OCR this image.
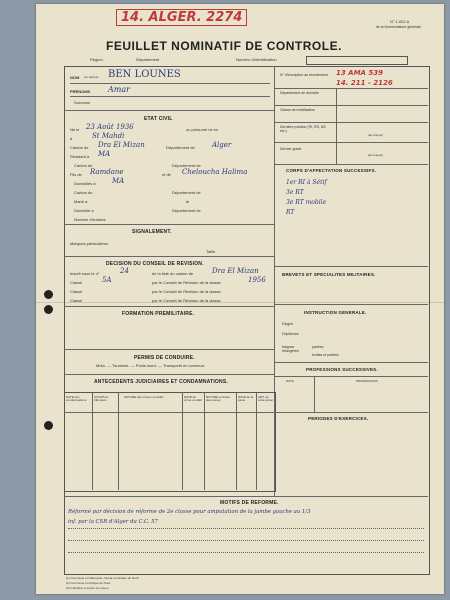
14. ALGER. 2274	N° 1.002 A
de la Nomenclature générale
FEUILLET NOMINATIF DE CONTROLE.
Région	Département	Numéro d'identification
NOM (en lettres) BEN LOUNES
PRÉNOMS Amar
Surnoms
ETAT CIVIL
Né le 23 Août 1936	ou présumé né en
à	St Mahdi
Canton de Dra El Mizan	Département de Alger
Résidant à MA
Canton de	Département de
Fils de Ramdane	et de Cheloucha Halima
Domiciliés à MA
Canton de	Département de
Marié à	le
Domicilié à	Département de
Nombre d'enfants
SIGNALEMENT.
Marques particulières
Taille
DECISION DU CONSEIL DE REVISION.
Inscrit sous le n°	24	de la liste du canton de	Dra El Mizan
Classé	5A	par le Conseil de Révision de la classe	1956
Classé	par le Conseil de Révision de la classe
Classé	par le Conseil de Révision de la classe
FORMATION PREMILITAIRE.
PERMIS DE CONDUIRE.
Moto. — Tourisme. — Poids lourd. — Transports en commun.
ANTECEDENTS JUDICIAIRES ET CONDAMNATIONS.
DATE des condamnations
COURS et tribunaux
NATURE des crimes ou délits	DATE du crime ou délit
NATURE et durée des peines
DATE de la peine
ART. du code pénal
N° d'inscription au recrutement	13 AMA 539
14. 211 - 2126
Département de domicile
Classe de mobilisation
Dernière position (RI, RD, AS, etc.)
(au crayon)
Dernier grade
(au crayon)
CORPS D'AFFECTATION SUCCESSIFS.
1er RI à Sétif
3e RT
3e RT mobile
RT
BREVETS ET SPECIALITES MILITAIRES.
INSTRUCTION GENERALE.
Degré
Diplômes
langues étrangères
parlées
écrites et parlées
PROFESSIONS SUCCESSIVES.
DATE	PROFESSIONS
PERIODES D'EXERCICES.
MOTIFS DE REFORME.
Réformé par décision de réforme de 2e classe pour amputation de la jambe gauche au 1/3
inf. par la CSR d'Alger du C.C. 57
(1) Commune en Métropole, Douar en Afrique du Nord.
(2) Commune en Afrique du Nord.
(3) Indication à porter au crayon.
